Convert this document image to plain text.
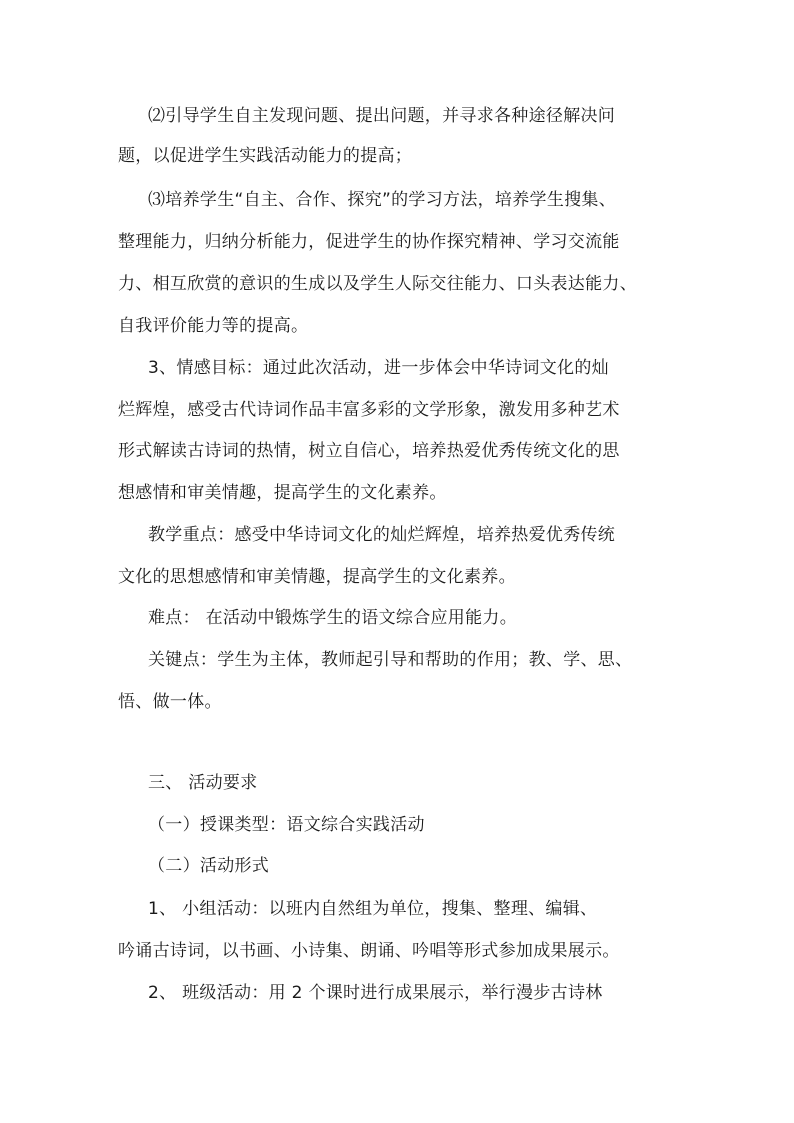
⑵引导学生自主发现问题、提出问题，并寻求各种途径解决问
题，以促进学生实践活动能力的提高；
⑶培养学生“自主、合作、探究”的学习方法，培养学生搜集、
整理能力，归纳分析能力，促进学生的协作探究精神、学习交流能
力、相互欣赏的意识的生成以及学生人际交往能力、口头表达能力、
自我评价能力等的提高。
3、情感目标：通过此次活动，进一步体会中华诗词文化的灿
烂辉煌，感受古代诗词作品丰富多彩的文学形象，激发用多种艺术
形式解读古诗词的热情，树立自信心，培养热爱优秀传统文化的思
想感情和审美情趣，提高学生的文化素养。
教学重点：感受中华诗词文化的灿烂辉煌，培养热爱优秀传统
文化的思想感情和审美情趣，提高学生的文化素养。
难点： 在活动中锻炼学生的语文综合应用能力。
关键点：学生为主体，教师起引导和帮助的作用；教、学、思、
悟、做一体。
三、 活动要求
（一）授课类型：语文综合实践活动
（二）活动形式
1、 小组活动：以班内自然组为单位，搜集、整理、编辑、
吟诵古诗词，以书画、小诗集、朗诵、吟唱等形式参加成果展示。
2、 班级活动：用 2 个课时进行成果展示，举行漫步古诗林
